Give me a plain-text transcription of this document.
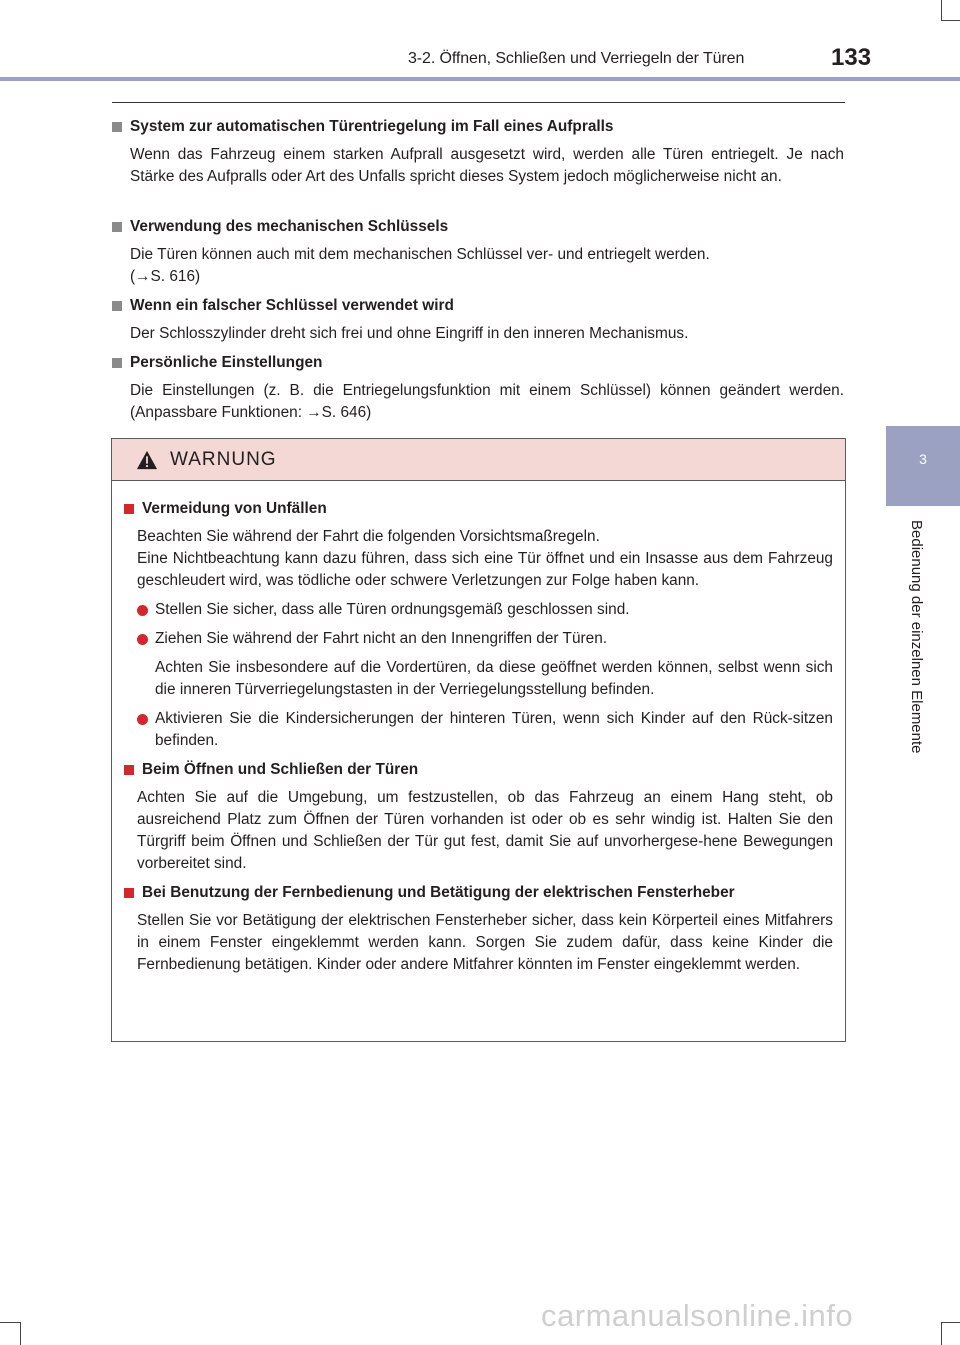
3-2. Öffnen, Schließen und Verriegeln der Türen	133
3
Bedienung der einzelnen Elemente
System zur automatischen Türentriegelung im Fall eines Aufpralls
Wenn das Fahrzeug einem starken Aufprall ausgesetzt wird, werden alle Türen entriegelt. Je nach Stärke des Aufpralls oder Art des Unfalls spricht dieses System jedoch möglicherweise nicht an.
Verwendung des mechanischen Schlüssels
Die Türen können auch mit dem mechanischen Schlüssel ver- und entriegelt werden.
(→S. 616)
Wenn ein falscher Schlüssel verwendet wird
Der Schlosszylinder dreht sich frei und ohne Eingriff in den inneren Mechanismus.
Persönliche Einstellungen
Die Einstellungen (z. B. die Entriegelungsfunktion mit einem Schlüssel) können geändert werden. (Anpassbare Funktionen: →S. 646)
WARNUNG
Vermeidung von Unfällen
Beachten Sie während der Fahrt die folgenden Vorsichtsmaßregeln.
Eine Nichtbeachtung kann dazu führen, dass sich eine Tür öffnet und ein Insasse aus dem Fahrzeug geschleudert wird, was tödliche oder schwere Verletzungen zur Folge haben kann.
Stellen Sie sicher, dass alle Türen ordnungsgemäß geschlossen sind.
Ziehen Sie während der Fahrt nicht an den Innengriffen der Türen.
Achten Sie insbesondere auf die Vordertüren, da diese geöffnet werden können, selbst wenn sich die inneren Türverriegelungstasten in der Verriegelungsstellung befinden.
Aktivieren Sie die Kindersicherungen der hinteren Türen, wenn sich Kinder auf den Rück-sitzen befinden.
Beim Öffnen und Schließen der Türen
Achten Sie auf die Umgebung, um festzustellen, ob das Fahrzeug an einem Hang steht, ob ausreichend Platz zum Öffnen der Türen vorhanden ist oder ob es sehr windig ist. Halten Sie den Türgriff beim Öffnen und Schließen der Tür gut fest, damit Sie auf unvorhergese-hene Bewegungen vorbereitet sind.
Bei Benutzung der Fernbedienung und Betätigung der elektrischen Fensterheber
Stellen Sie vor Betätigung der elektrischen Fensterheber sicher, dass kein Körperteil eines Mitfahrers in einem Fenster eingeklemmt werden kann. Sorgen Sie zudem dafür, dass keine Kinder die Fernbedienung betätigen. Kinder oder andere Mitfahrer könnten im Fenster eingeklemmt werden.
carmanualsonline.info
